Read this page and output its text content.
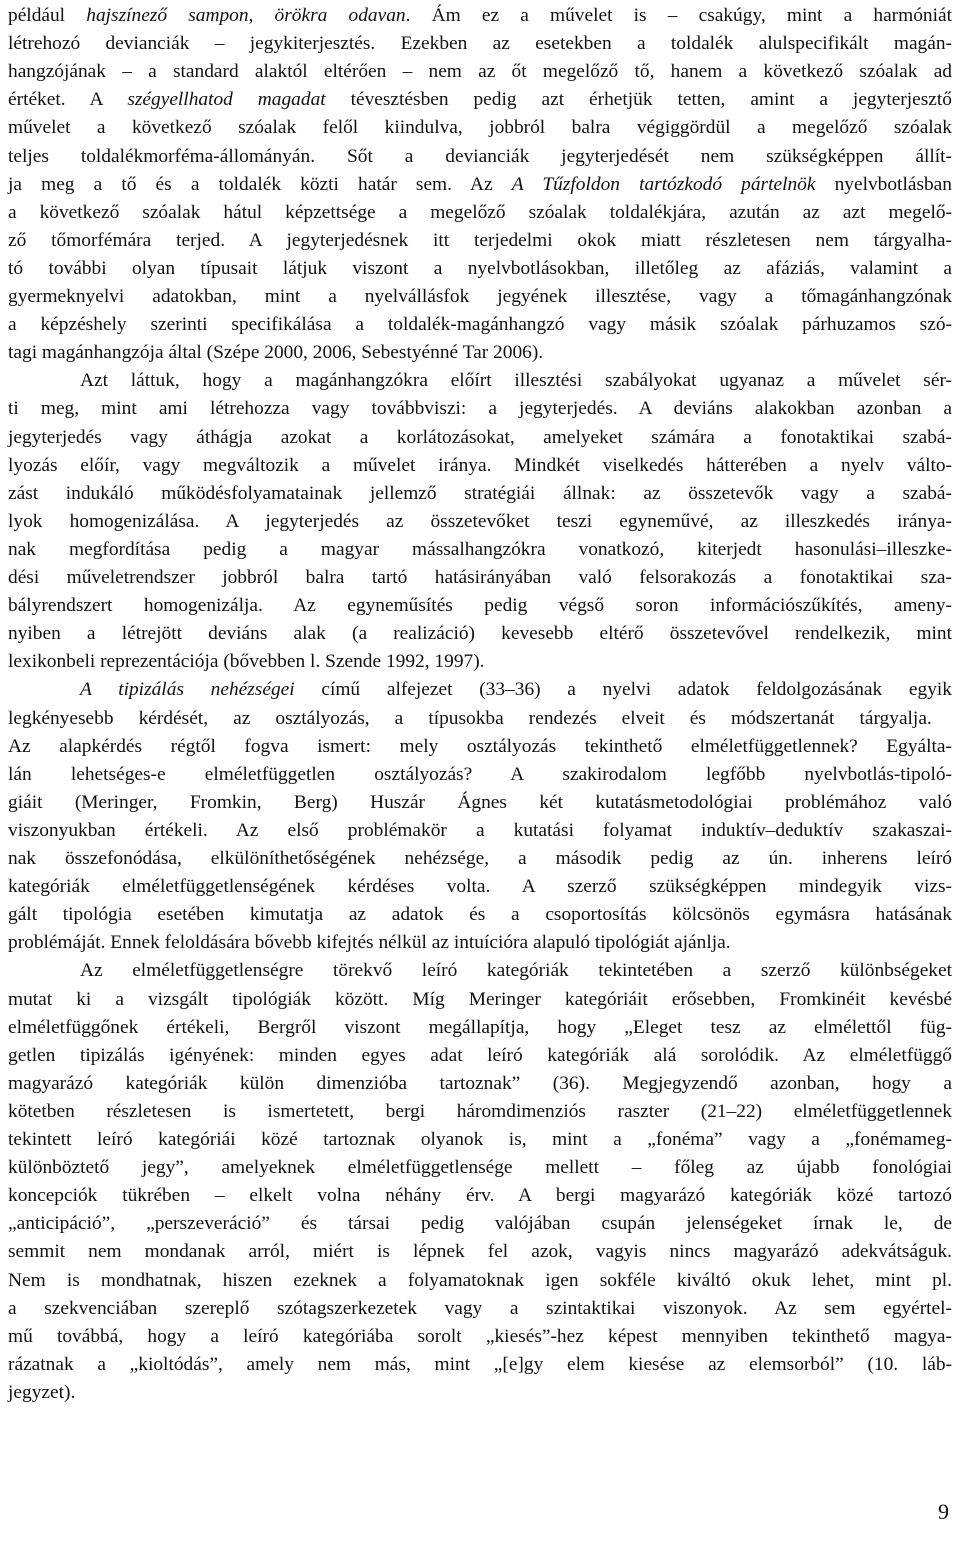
például hajszínező sampon, örökra odavan. Ám ez a művelet is – csakúgy, mint a harmóniát
létrehozó devianciák – jegykiterjesztés. Ezekben az esetekben a toldalék alulspecifikált magán-
hangzójának – a standard alaktól eltérően – nem az őt megelőző tő, hanem a következő szóalak ad
értéket. A szégyellhatod magadat tévesztésben pedig azt érhetjük tetten, amint a jegyterjesztő
művelet a következő szóalak felől kiindulva, jobbról balra végiggördül a megelőző szóalak
teljes toldalékmorféma-állományán. Sőt a devianciák jegyterjedését nem szükségképpen állít-
ja meg a tő és a toldalék közti határ sem. Az A Tűzfoldon tartózkodó pártelnök nyelvbotlásban
a következő szóalak hátul képzettsége a megelőző szóalak toldalékjára, azután az azt megelő-
ző tőmorfémára terjed. A jegyterjedésnek itt terjedelmi okok miatt részletesen nem tárgyalha-
tó további olyan típusait látjuk viszont a nyelvbotlásokban, illetőleg az afáziás, valamint a
gyermeknyelvi adatokban, mint a nyelvállásfok jegyének illesztése, vagy a tőmagánhangzónak
a képzéshely szerinti specifikálása a toldalék-magánhangzó vagy másik szóalak párhuzamos szó-
tagi magánhangzója által (Szépe 2000, 2006, Sebestyénné Tar 2006).
Azt láttuk, hogy a magánhangzókra előírt illesztési szabályokat ugyanaz a művelet sér-
ti meg, mint ami létrehozza vagy továbbviszi: a jegyterjedés. A deviáns alakokban azonban a
jegyterjedés vagy áthágja azokat a korlátozásokat, amelyeket számára a fonotaktikai szabá-
lyozás előír, vagy megváltozik a művelet iránya. Mindkét viselkedés hátterében a nyelv válto-
zást indukáló működésfolyamatainak jellemző stratégiái állnak: az összetevők vagy a szabá-
lyok homogenizálása. A jegyterjedés az összetevőket teszi egyneművé, az illeszkedés iránya-
nak megfordítása pedig a magyar mássalhangzókra vonatkozó, kiterjedt hasonulási–illeszke-
dési műveletrendszer jobbról balra tartó hatásirányában való felsorakozás a fonotaktikai sza-
bályrendszert homogenizálja. Az egyneműsítés pedig végső soron információszűkítés, ameny-
nyiben a létrejött deviáns alak (a realizáció) kevesebb eltérő összetevővel rendelkezik, mint
lexikonbeli reprezentációja (bővebben l. Szende 1992, 1997).
A tipizálás nehézségei című alfejezet (33–36) a nyelvi adatok feldolgozásának egyik
legkényesebb kérdését, az osztályozás, a típusokba rendezés elveit és módszertanát tárgyalja.
Az alapkérdés régtől fogva ismert: mely osztályozás tekinthető elméletfüggetlennek? Egyálta-
lán lehetséges-e elméletfüggetlen osztályozás? A szakirodalom legfőbb nyelvbotlás-tipoló-
giáit (Meringer, Fromkin, Berg) Huszár Ágnes két kutatásmetodológiai problémához való
viszonyukban értékeli. Az első problémakör a kutatási folyamat induktív–deduktív szakaszai-
nak összefonódása, elkülöníthetőségének nehézsége, a második pedig az ún. inherens leíró
kategóriák elméletfüggetlenségének kérdéses volta. A szerző szükségképpen mindegyik vizs-
gált tipológia esetében kimutatja az adatok és a csoportosítás kölcsönös egymásra hatásának
problémáját. Ennek feloldására bővebb kifejtés nélkül az intuícióra alapuló tipológiát ajánlja.
Az elméletfüggetlenségre törekvő leíró kategóriák tekintetében a szerző különbségeket
mutat ki a vizsgált tipológiák között. Míg Meringer kategóriáit erősebben, Fromkinéit kevésbé
elméletfüggőnek értékeli, Bergről viszont megállapítja, hogy „Eleget tesz az elmélettől füg-
getlen tipizálás igényének: minden egyes adat leíró kategóriák alá sorolódik. Az elméletfüggő
magyarázó kategóriák külön dimenzióba tartoznak” (36). Megjegyzendő azonban, hogy a
kötetben részletesen is ismertetett, bergi háromdimenziós raszter (21–22) elméletfüggetlennek
tekintett leíró kategóriái közé tartoznak olyanok is, mint a „fonéma” vagy a „fonémameg-
különböztető jegy”, amelyeknek elméletfüggetlensége mellett – főleg az újabb fonológiai
koncepciók tükrében – elkelt volna néhány érv. A bergi magyarázó kategóriák közé tartozó
„anticipáció”, „perszeveráció” és társai pedig valójában csupán jelenségeket írnak le, de
semmit nem mondanak arról, miért is lépnek fel azok, vagyis nincs magyarázó adekvátságuk.
Nem is mondhatnak, hiszen ezeknek a folyamatoknak igen sokféle kiváltó okuk lehet, mint pl.
a szekvenciában szereplő szótagszerkezetek vagy a szintaktikai viszonyok. Az sem egyértel-
mű továbbá, hogy a leíró kategóriába sorolt „kiesés”-hez képest mennyiben tekinthető magya-
rázatnak a „kioltódás”, amely nem más, mint „[e]gy elem kiesése az elemsorból” (10. láb-
jegyzet).
9
